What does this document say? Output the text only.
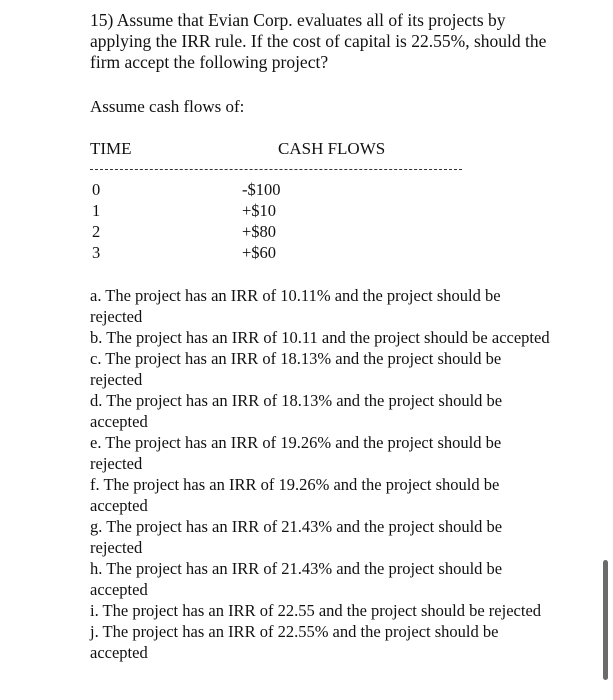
15) Assume that Evian Corp. evaluates all of its projects by applying the IRR rule. If the cost of capital is 22.55%, should the firm accept the following project?
Assume cash flows of:
TIME	CASH FLOWS
0	-$100
1	+$10
2	+$80
3	+$60

a. The project has an IRR of 10.11% and the project should be rejected

b. The project has an IRR of 10.11 and the project should be accepted

c. The project has an IRR of 18.13% and the project should be rejected

d. The project has an IRR of 18.13% and the project should be accepted

e. The project has an IRR of 19.26% and the project should be rejected

f. The project has an IRR of 19.26% and the project should be accepted

g. The project has an IRR of 21.43% and the project should be rejected

h. The project has an IRR of 21.43% and the project should be accepted

i. The project has an IRR of 22.55 and the project should be rejected

j. The project has an IRR of 22.55% and the project should be accepted
